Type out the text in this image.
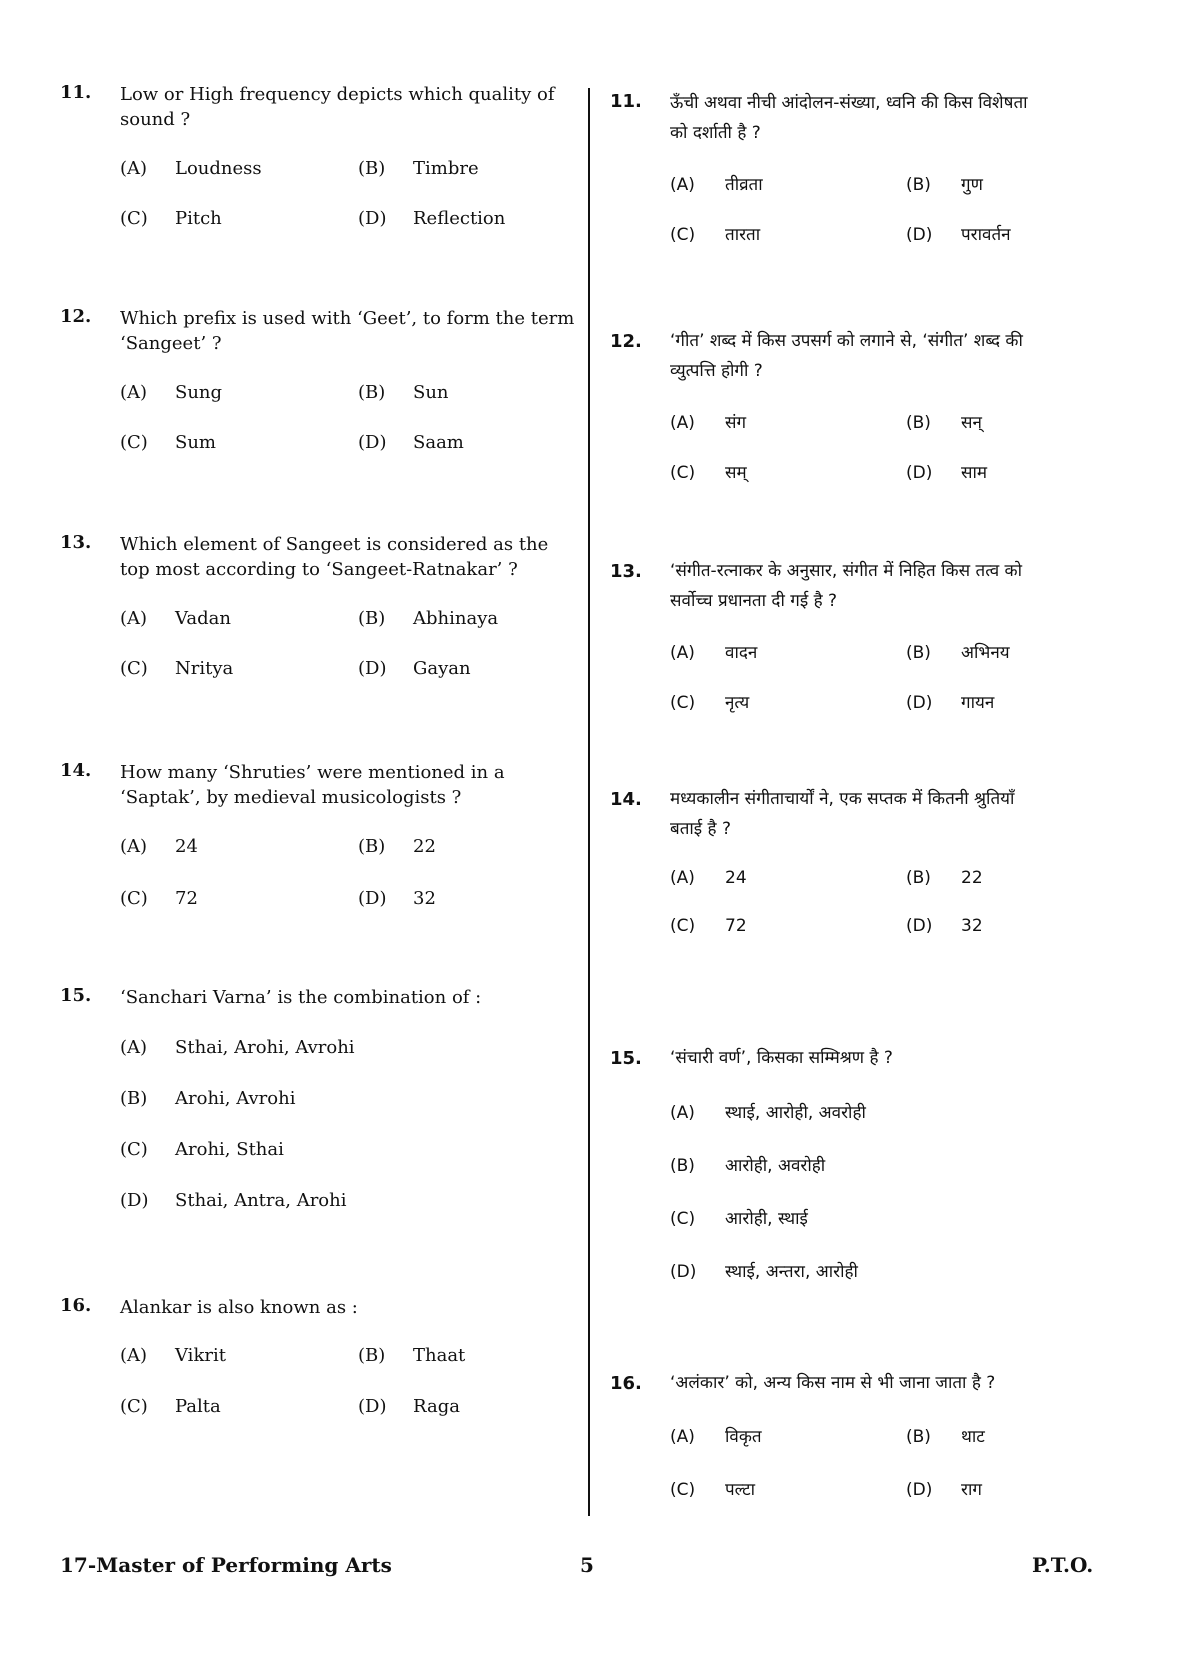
11. Low or High frequency depicts which quality of
sound ?
(A) Loudness	(B) Timbre
(C) Pitch	(D) Reflection
12. Which prefix is used with ‘Geet’, to form the term
‘Sangeet’ ?
(A) Sung	(B) Sun
(C) Sum	(D) Saam
13. Which element of Sangeet is considered as the
top most according to ‘Sangeet-Ratnakar’ ?
(A) Vadan	(B) Abhinaya
(C) Nritya	(D) Gayan
14. How many ‘Shruties’ were mentioned in a
‘Saptak’, by medieval musicologists ?
(A) 24	(B) 22
(C) 72	(D) 32
15. ‘Sanchari Varna’ is the combination of :
(A) Sthai, Arohi, Avrohi
(B) Arohi, Avrohi
(C) Arohi, Sthai
(D) Sthai, Antra, Arohi
16. Alankar is also known as :
(A) Vikrit	(B) Thaat
(C) Palta	(D) Raga
11. ऊँची अथवा नीची आंदोलन-संख्या, ध्वनि की किस विशेषता
को दर्शाती है ?
(A) तीव्रता	(B) गुण
(C) तारता	(D) परावर्तन
12. ‘गीत’ शब्द में किस उपसर्ग को लगाने से, ‘संगीत’ शब्द की
व्युत्पत्ति होगी ?
(A) संग	(B) सन्
(C) सम्	(D) साम
13. ‘संगीत-रत्नाकर के अनुसार, संगीत में निहित किस तत्व को
सर्वोच्च प्रधानता दी गई है ?
(A) वादन	(B) अभिनय
(C) नृत्य	(D) गायन
14. मध्यकालीन संगीताचार्यों ने, एक सप्तक में कितनी श्रुतियाँ
बताई है ?
(A) 24	(B) 22
(C) 72	(D) 32
15. ‘संचारी वर्ण’, किसका सम्मिश्रण है ?
(A) स्थाई, आरोही, अवरोही
(B) आरोही, अवरोही
(C) आरोही, स्थाई
(D) स्थाई, अन्तरा, आरोही
16. ‘अलंकार’ को, अन्य किस नाम से भी जाना जाता है ?
(A) विकृत	(B) थाट
(C) पल्टा	(D) राग
17-Master of Performing Arts	5	P.T.O.
